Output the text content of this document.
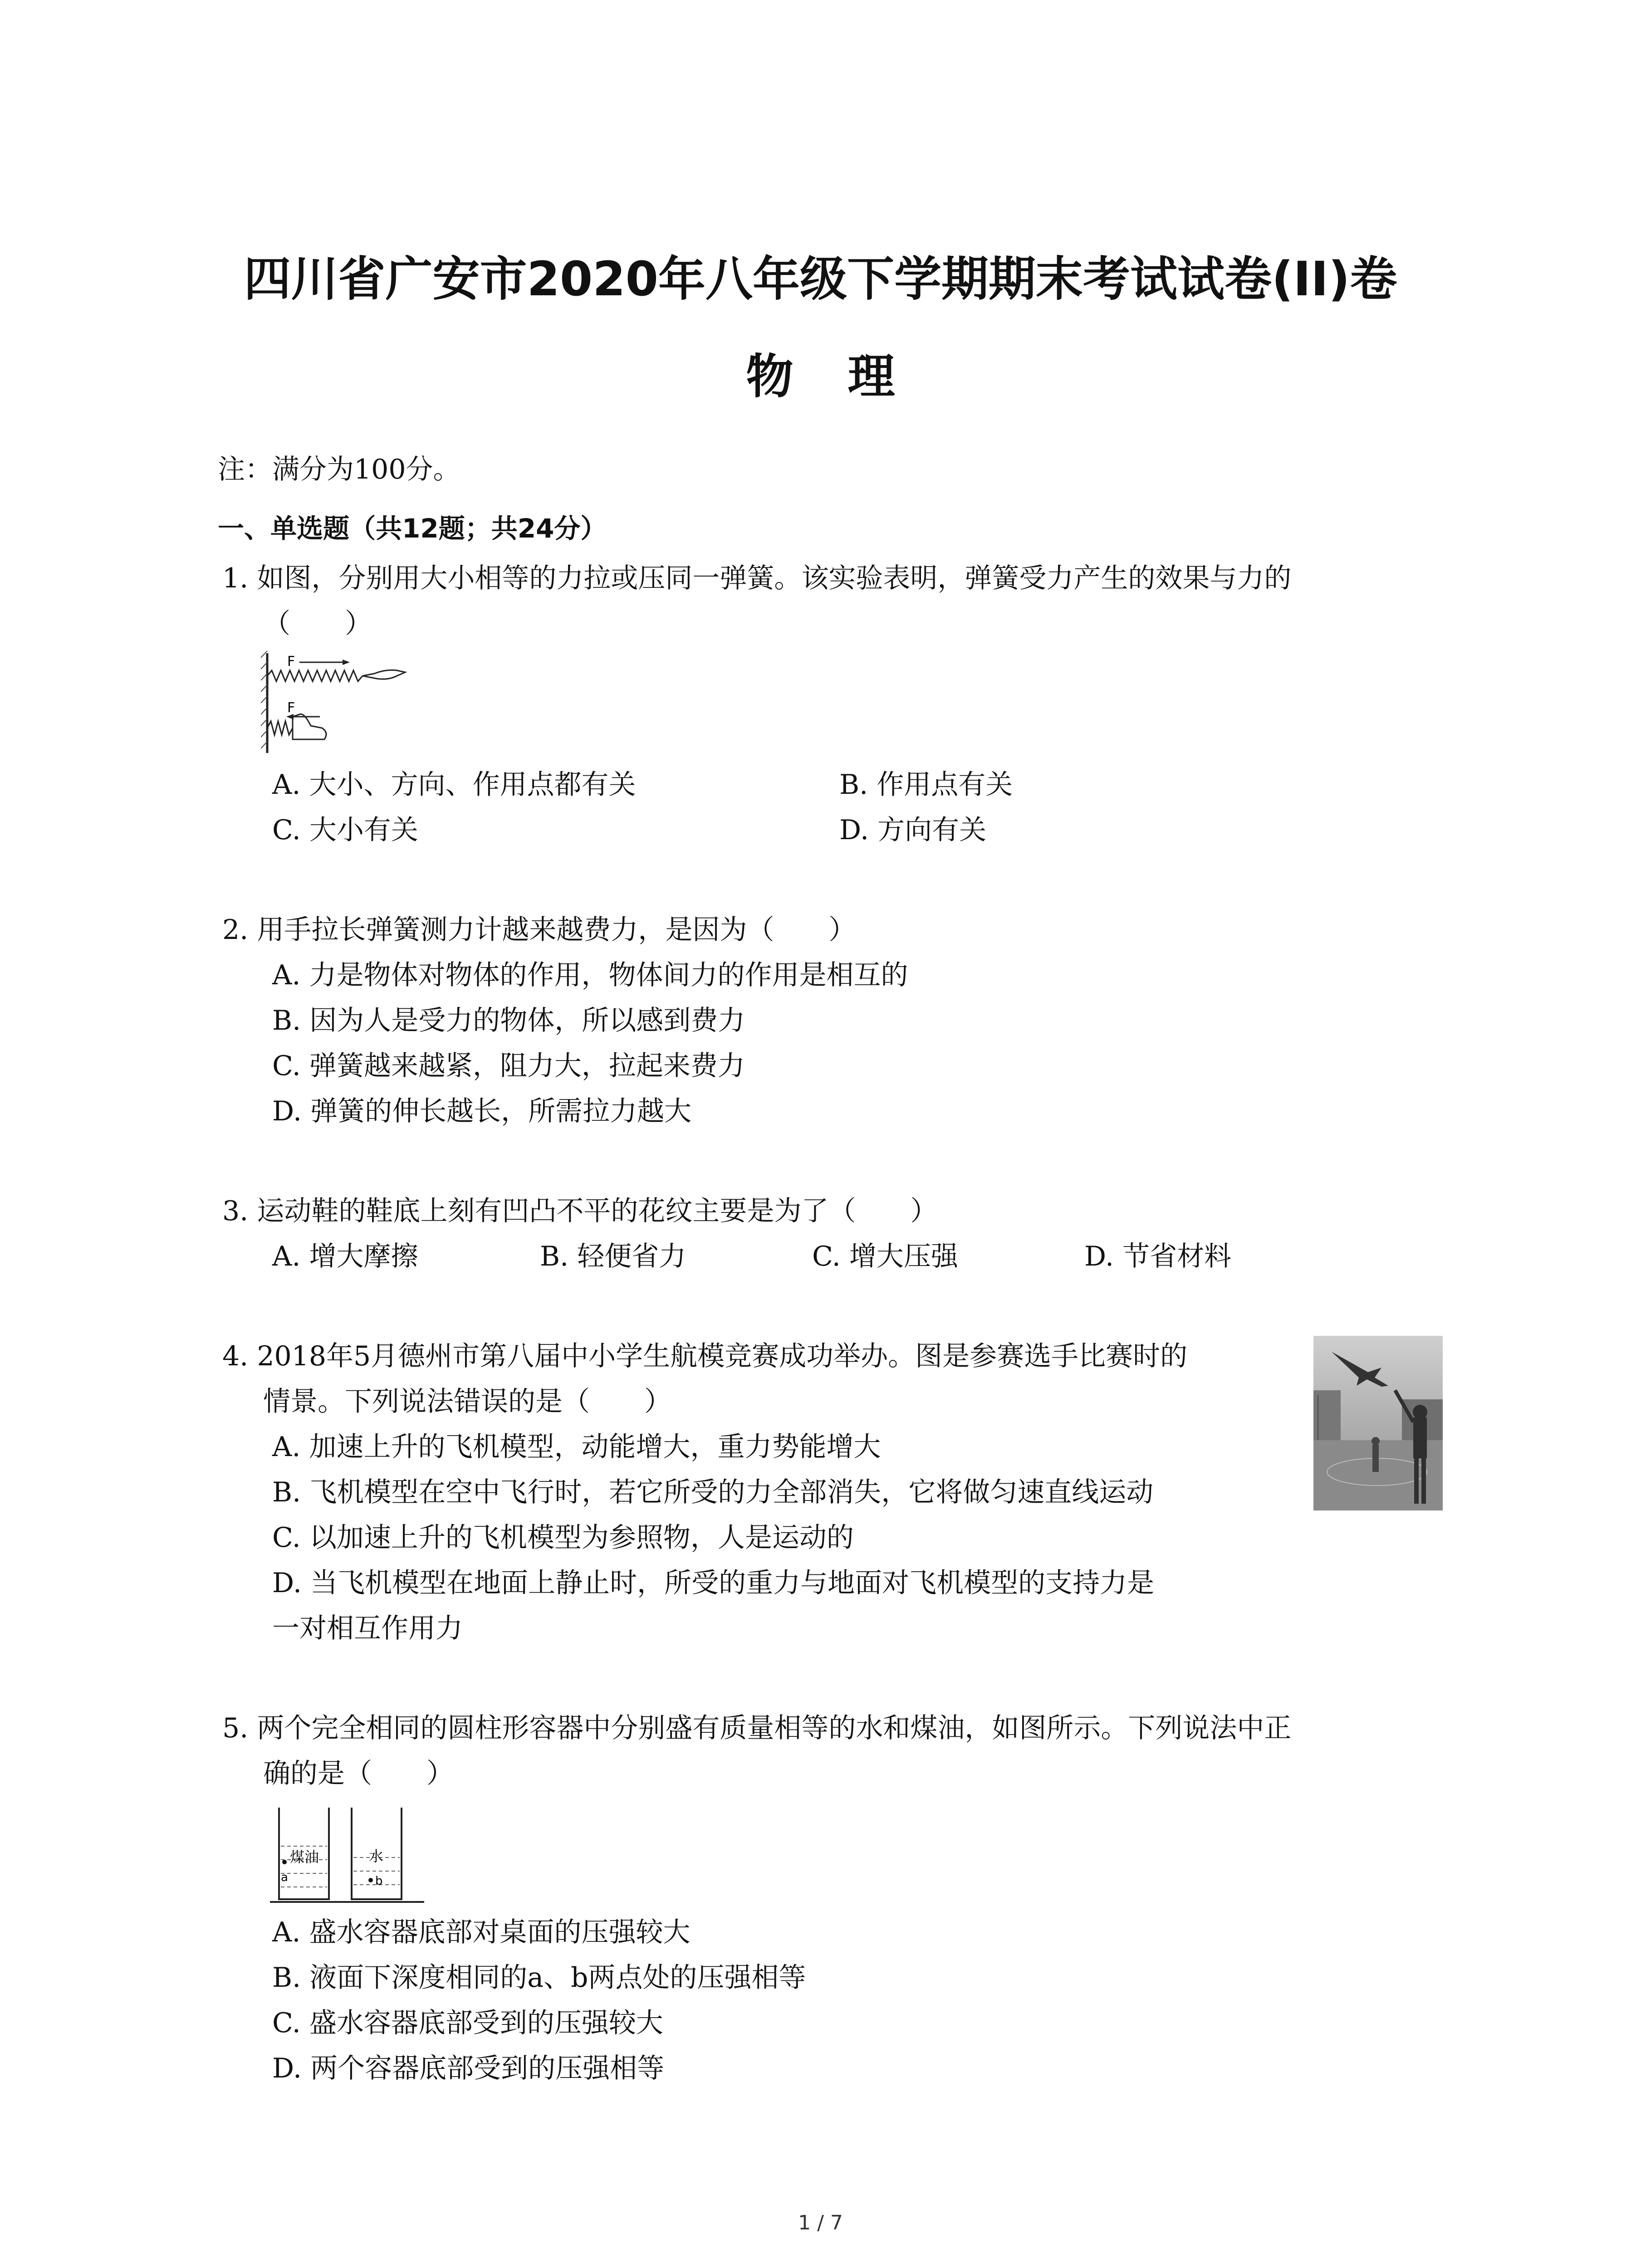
四川省广安市2020年八年级下学期期末考试试卷(II)卷
物 理
注：满分为100分。
一、单选题（共12题；共24分）
1. 如图，分别用大小相等的力拉或压同一弹簧。该实验表明，弹簧受力产生的效果与力的
（　　）
F
F
A. 大小、方向、作用点都有关	B. 作用点有关
C. 大小有关	D. 方向有关
2. 用手拉长弹簧测力计越来越费力，是因为（　　）
A. 力是物体对物体的作用，物体间力的作用是相互的
B. 因为人是受力的物体，所以感到费力
C. 弹簧越来越紧，阻力大，拉起来费力
D. 弹簧的伸长越长，所需拉力越大
3. 运动鞋的鞋底上刻有凹凸不平的花纹主要是为了（　　）
A. 增大摩擦	B. 轻便省力	C. 增大压强	D. 节省材料
4. 2018年5月德州市第八届中小学生航模竞赛成功举办。图是参赛选手比赛时的
情景。下列说法错误的是（　　）
A. 加速上升的飞机模型，动能增大，重力势能增大
B. 飞机模型在空中飞行时，若它所受的力全部消失，它将做匀速直线运动
C. 以加速上升的飞机模型为参照物，人是运动的
D. 当飞机模型在地面上静止时，所受的重力与地面对飞机模型的支持力是
一对相互作用力
5. 两个完全相同的圆柱形容器中分别盛有质量相等的水和煤油，如图所示。下列说法中正
确的是（　　）
煤油	水
a	b
A. 盛水容器底部对桌面的压强较大
B. 液面下深度相同的a、b两点处的压强相等
C. 盛水容器底部受到的压强较大
D. 两个容器底部受到的压强相等
1 / 7
